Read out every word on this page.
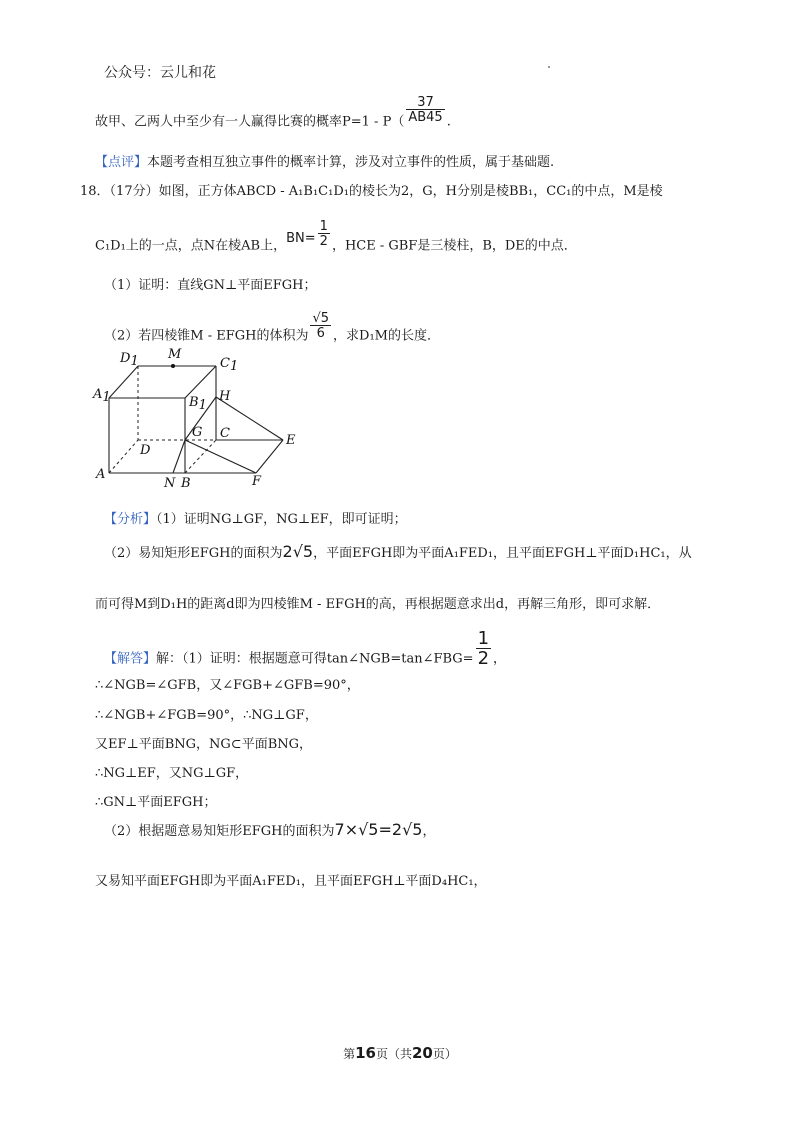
公众号：云儿和花
故甲、乙两人中至少有一人赢得比赛的概率$P=1 - P( \frac{37}{AB45}$ .
【点评】本题考查相互独立事件的概率计算，涉及对立事件的性质，属于基础题.
18．（17分）如图，正方体ABCD - A₁B₁C₁D₁的棱长为2，G，H分别是棱BB₁，CC₁的中点，M是棱
C₁D₁上的一点，点N在棱AB上，$BN= \frac{1}{2}$ ，HCE - GBF是三棱柱，B，DE的中点．
（1）证明：直线GN⊥平面EFGH；
（2）若四棱锥M - EFGH的体积为 $\frac{√5}{6}$ ，求D₁M的长度．
D1 M
C1
A1	B1
H
G C	E
D
A
N B	F
【分析】（1）证明NG⊥GF，NG⊥EF，即可证明；
（2）易知矩形EFGH的面积为2√5，平面EFGH即为平面A₁FED₁，且平面EFGH⊥平面D₁HC₁，从
而可得M到D₁H的距离d即为四棱锥M - EFGH的高，再根据题意求出d，再解三角形，即可求解．
【解答】解：（1）证明：根据题意可得tan∠NGB=tan∠FBG= $\frac{1}{2}$ ，
∴∠NGB=∠GFB，又∠FGB+∠GFB=90°，
∴∠NGB+∠FGB=90°，∴NG⊥GF，
又EF⊥平面BNG，NG⊂平面BNG，
∴NG⊥EF，又NG⊥GF，
∴GN⊥平面EFGH；
（2）根据题意易知矩形EFGH的面积为7×√5=2√5，
又易知平面EFGH即为平面A₁FED₁，且平面EFGH⊥平面D₄HC₁，
第16页（共20页）
